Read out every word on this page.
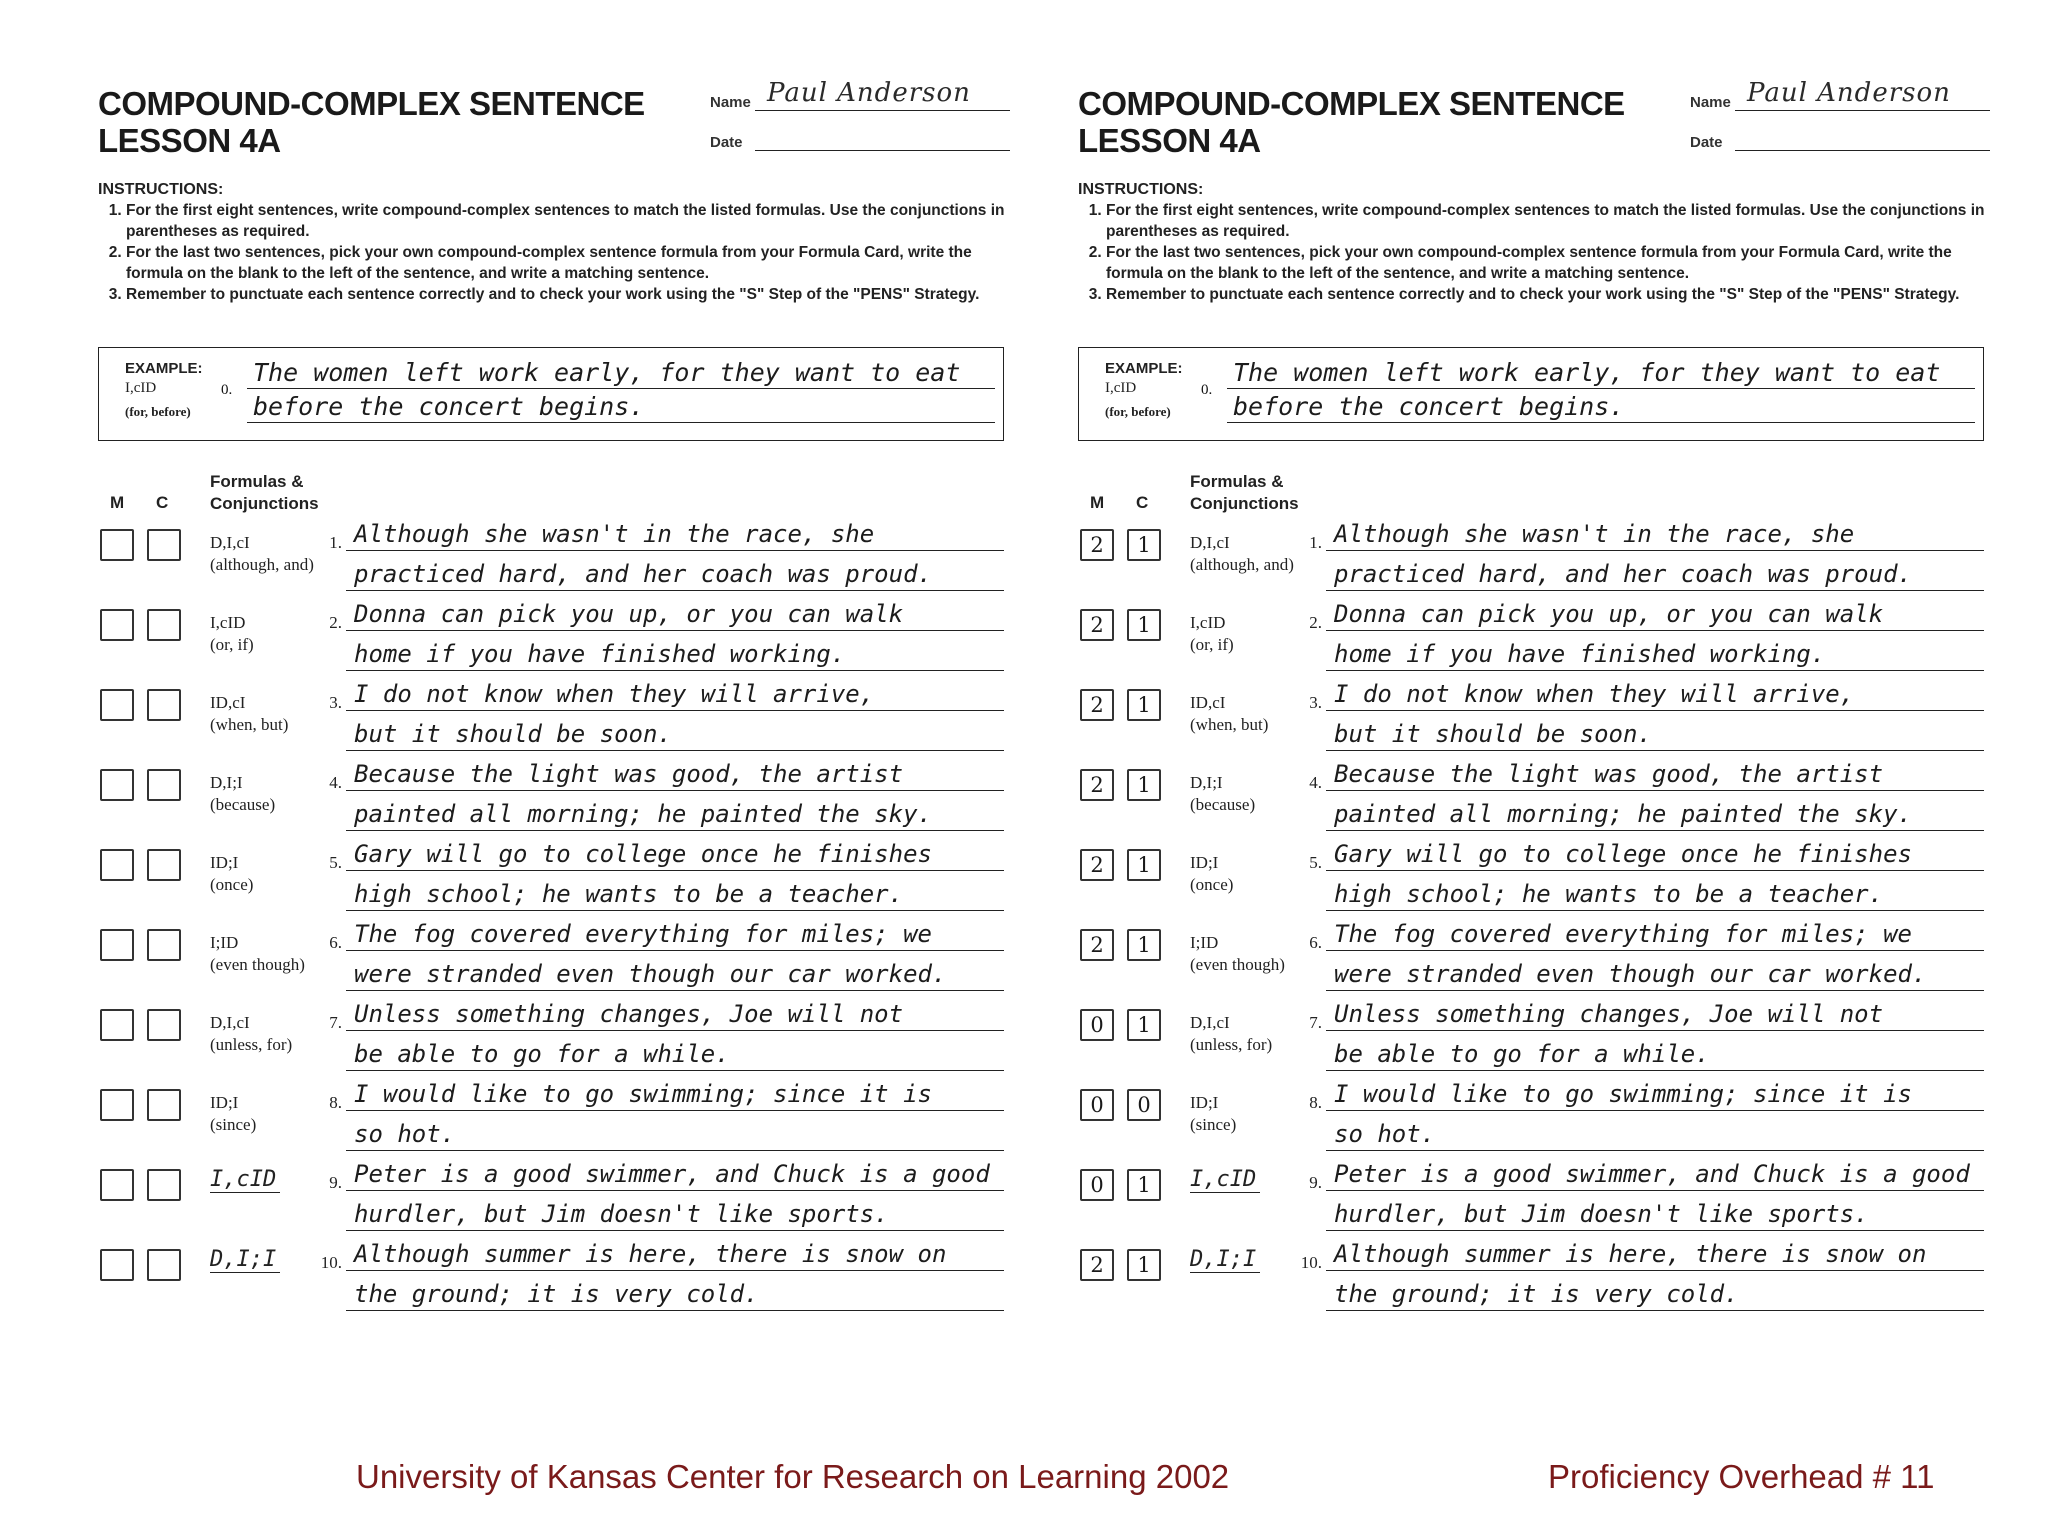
COMPOUND-COMPLEX SENTENCE
LESSON 4A
Name Paul Anderson
Date
INSTRUCTIONS:
1. For the first eight sentences, write compound-complex sentences to match the listed formulas. Use the conjunctions in parentheses as required.
2. For the last two sentences, pick your own compound-complex sentence formula from your Formula Card, write the formula on the blank to the left of the sentence, and write a matching sentence.
3. Remember to punctuate each sentence correctly and to check your work using the "S" Step of the "PENS" Strategy.
EXAMPLE:
I,cID
(for, before)
0.
The women left work early, for they want to eat
before the concert begins.
M C
Formulas &
Conjunctions
D,I,cI
(although, and)
1. Although she wasn't in the race, she
practiced hard, and her coach was proud.
I,cID
(or, if)
2. Donna can pick you up, or you can walk
home if you have finished working.
ID,cI
(when, but)
3. I do not know when they will arrive,
but it should be soon.
D,I;I
(because)
4. Because the light was good, the artist
painted all morning; he painted the sky.
ID;I
(once)
5. Gary will go to college once he finishes
high school; he wants to be a teacher.
I;ID
(even though)
6. The fog covered everything for miles; we
were stranded even though our car worked.
D,I,cI
(unless, for)
7. Unless something changes, Joe will not
be able to go for a while.
ID;I
(since)
8. I would like to go swimming; since it is
so hot.
I,cID	9. Peter is a good swimmer, and Chuck is a good
hurdler, but Jim doesn't like sports.
D,I;I	10. Although summer is here, there is snow on
the ground; it is very cold.
COMPOUND-COMPLEX SENTENCE
LESSON 4A
Name Paul Anderson
Date
INSTRUCTIONS:
1. For the first eight sentences, write compound-complex sentences to match the listed formulas. Use the conjunctions in parentheses as required.
2. For the last two sentences, pick your own compound-complex sentence formula from your Formula Card, write the formula on the blank to the left of the sentence, and write a matching sentence.
3. Remember to punctuate each sentence correctly and to check your work using the "S" Step of the "PENS" Strategy.
EXAMPLE:
I,cID
(for, before)
0.
The women left work early, for they want to eat
before the concert begins.
M C
Formulas &
Conjunctions
2	1	D,I,cI
(although, and)
1. Although she wasn't in the race, she
practiced hard, and her coach was proud.
2	1	I,cID
(or, if)
2. Donna can pick you up, or you can walk
home if you have finished working.
2	1	ID,cI
(when, but)
3. I do not know when they will arrive,
but it should be soon.
2	1	D,I;I
(because)
4. Because the light was good, the artist
painted all morning; he painted the sky.
2	1	ID;I
(once)
5. Gary will go to college once he finishes
high school; he wants to be a teacher.
2	1	I;ID
(even though)
6. The fog covered everything for miles; we
were stranded even though our car worked.
0	1	D,I,cI
(unless, for)
7. Unless something changes, Joe will not
be able to go for a while.
0	0	ID;I
(since)
8. I would like to go swimming; since it is
so hot.
0	1	I,cID	9. Peter is a good swimmer, and Chuck is a good
hurdler, but Jim doesn't like sports.
2	1	D,I;I	10. Although summer is here, there is snow on
the ground; it is very cold.
University of Kansas Center for Research on Learning 2002	Proficiency Overhead # 11
